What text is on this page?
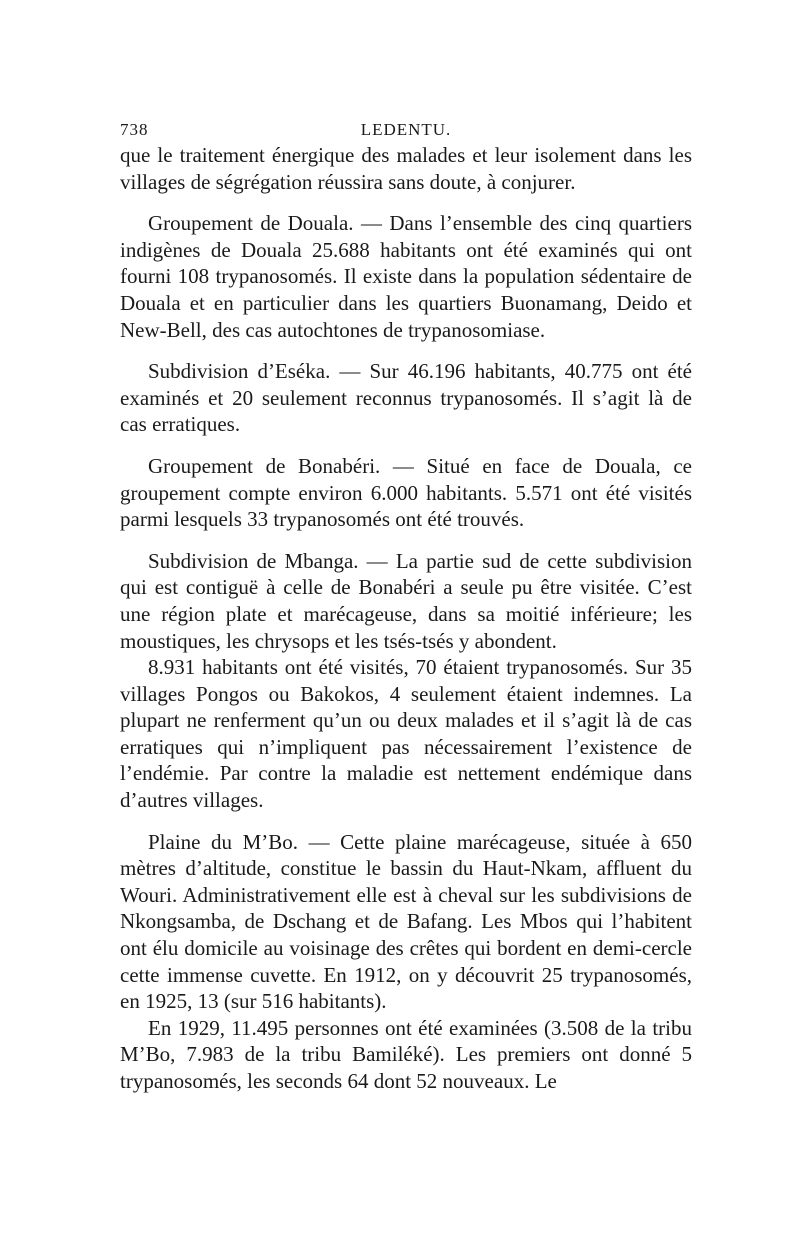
738	LEDENTU.

que le traitement énergique des malades et leur isolement dans les villages de ségrégation réussira sans doute, à conjurer.

Groupement de Douala. — Dans l’ensemble des cinq quartiers indigènes de Douala 25.688 habitants ont été examinés qui ont fourni 108 trypanosomés. Il existe dans la population sédentaire de Douala et en particulier dans les quartiers Buonamang, Deido et New-Bell, des cas autochtones de trypanosomiase.

Subdivision d’Eséka. — Sur 46.196 habitants, 40.775 ont été examinés et 20 seulement reconnus trypanosomés. Il s’agit là de cas erratiques.

Groupement de Bonabéri. — Situé en face de Douala, ce groupement compte environ 6.000 habitants. 5.571 ont été visités parmi lesquels 33 trypanosomés ont été trouvés.

Subdivision de Mbanga. — La partie sud de cette subdivision qui est contiguë à celle de Bonabéri a seule pu être visitée. C’est une région plate et marécageuse, dans sa moitié inférieure; les moustiques, les chrysops et les tsés-tsés y abondent.

8.931 habitants ont été visités, 70 étaient trypanosomés. Sur 35 villages Pongos ou Bakokos, 4 seulement étaient indemnes. La plupart ne renferment qu’un ou deux malades et il s’agit là de cas erratiques qui n’impliquent pas nécessairement l’existence de l’endémie. Par contre la maladie est nettement endémique dans d’autres villages.

Plaine du M’Bo. — Cette plaine marécageuse, située à 650 mètres d’altitude, constitue le bassin du Haut-Nkam, affluent du Wouri. Administrativement elle est à cheval sur les subdivisions de Nkongsamba, de Dschang et de Bafang. Les Mbos qui l’habitent ont élu domicile au voisinage des crêtes qui bordent en demi-cercle cette immense cuvette. En 1912, on y découvrit 25 trypanosomés, en 1925, 13 (sur 516 habitants).

En 1929, 11.495 personnes ont été examinées (3.508 de la tribu M’Bo, 7.983 de la tribu Bamiléké). Les premiers ont donné 5 trypanosomés, les seconds 64 dont 52 nouveaux. Le
